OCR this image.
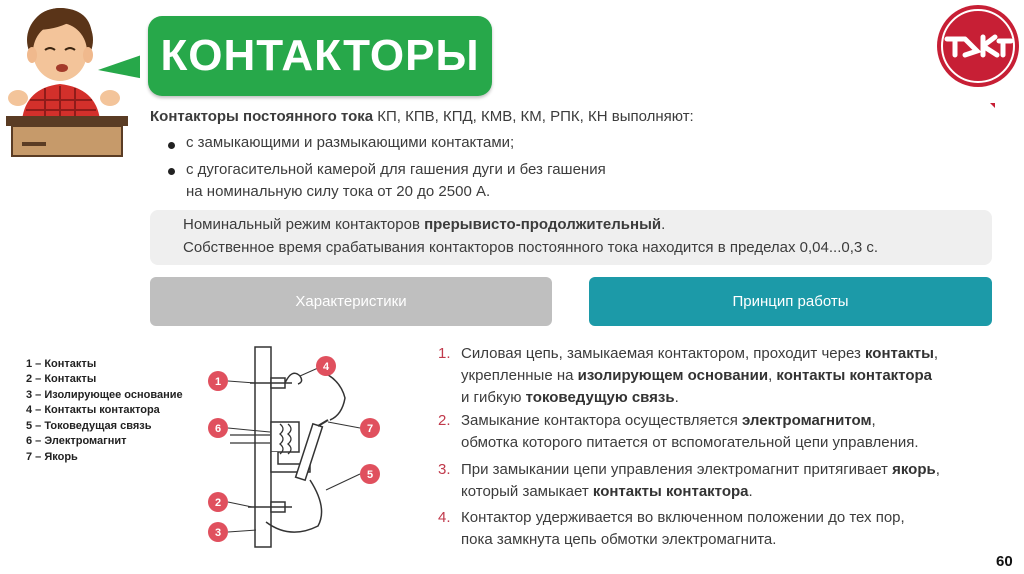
КОНТАКТОРЫ
Контакторы постоянного тока КП, КПВ, КПД, КМВ, КМ, РПК, КН выполняют:
с замыкающими и размыкающими контактами;
с дугогасительной камерой для гашения дуги и без гашения
на номинальную силу тока от 20 до 2500 А.
Номинальный режим контакторов прерывисто-продолжительный.
Собственное время срабатывания контакторов постоянного тока находится в пределах 0,04...0,3 с.
Характеристики	Принцип работы
1 – Контакты
2 – Контакты
3 – Изолирующее основание
4 – Контакты контактора
5 – Токоведущая связь
6 – Электромагнит
7 – Якорь
1
4
6	7
5
2
3
1. Силовая цепь, замыкаемая контактором, проходит через контакты,
укрепленные на изолирующем основании, контакты контактора
и гибкую токоведущую связь.
2. Замыкание контактора осуществляется электромагнитом,
обмотка которого питается от вспомогательной цепи управления.
3. При замыкании цепи управления электромагнит притягивает якорь,
который замыкает контакты контактора.
4. Контактор удерживается во включенном положении до тех пор,
пока замкнута цепь обмотки электромагнита.
60
